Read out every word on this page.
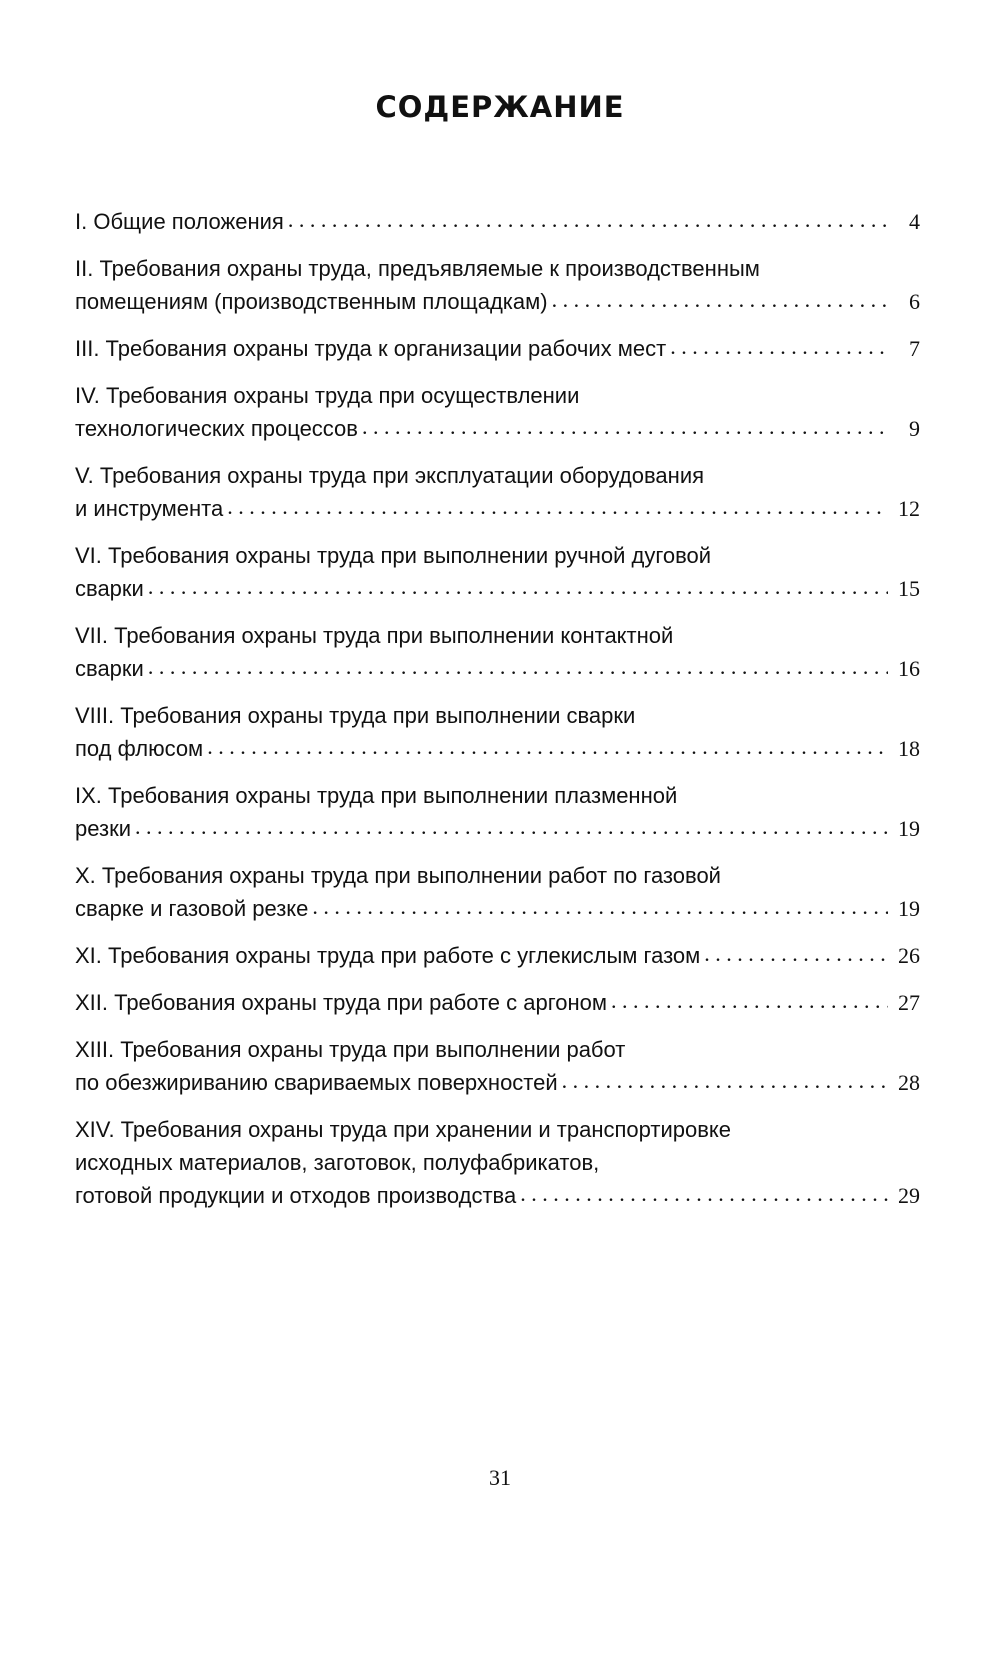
СОДЕРЖАНИЕ
I. Общие положения . . .	4
II. Требования охраны труда, предъявляемые к производственным
помещениям (производственным площадкам) . . .	6
III. Требования охраны труда к организации рабочих мест . . .	7
IV. Требования охраны труда при осуществлении
технологических процессов . . .	9
V. Требования охраны труда при эксплуатации оборудования
и инструмента . . .	12
VI. Требования охраны труда при выполнении ручной дуговой
сварки . . .	15
VII. Требования охраны труда при выполнении контактной
сварки . . .	16
VIII. Требования охраны труда при выполнении сварки
под флюсом . . .	18
IX. Требования охраны труда при выполнении плазменной
резки . . .	19
X. Требования охраны труда при выполнении работ по газовой
сварке и газовой резке . . .	19
XI. Требования охраны труда при работе с углекислым газом . . .	26
XII. Требования охраны труда при работе с аргоном . . .	27
XIII. Требования охраны труда при выполнении работ
по обезжириванию свариваемых поверхностей . . .	28
XIV. Требования охраны труда при хранении и транспортировке
исходных материалов, заготовок, полуфабрикатов,
готовой продукции и отходов производства . . .	29
31
